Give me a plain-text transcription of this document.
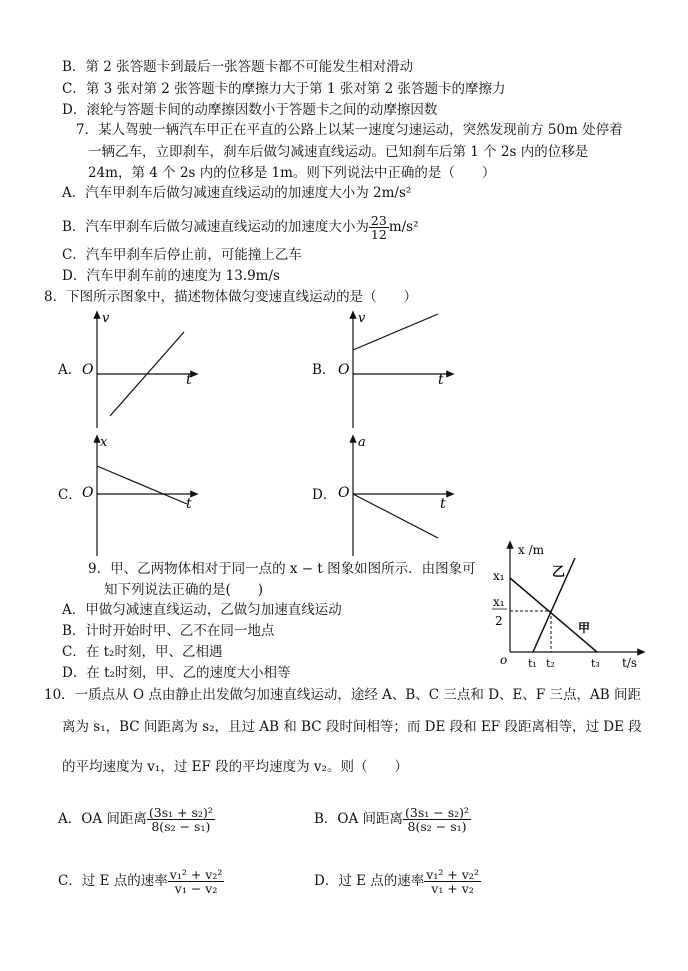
B．第 2 张答题卡到最后一张答题卡都不可能发生相对滑动
C．第 3 张对第 2 张答题卡的摩擦力大于第 1 张对第 2 张答题卡的摩擦力
D．滚轮与答题卡间的动摩擦因数小于答题卡之间的动摩擦因数
7．某人驾驶一辆汽车甲正在平直的公路上以某一速度匀速运动，突然发现前方 50m 处停着
一辆乙车，立即刹车，刹车后做匀减速直线运动。已知刹车后第 1 个 2s 内的位移是
24m，第 4 个 2s 内的位移是 1m。则下列说法中正确的是（　　）
A．汽车甲刹车后做匀减速直线运动的加速度大小为 2m/s²
B．汽车甲刹车后做匀减速直线运动的加速度大小为 $\frac{23}{12} m/s^2$
C．汽车甲刹车后停止前，可能撞上乙车
D．汽车甲刹车前的速度为 13.9m/s
8．下图所示图象中，描述物体做匀变速直线运动的是（　　）
A．
v
O
t
B．
v
O
t
C．
x
O
t
D．
a
O
t
9．甲、乙两物体相对于同一点的 x − t 图象如图所示．由图象可
知下列说法正确的是(　　)
A．甲做匀减速直线运动，乙做匀加速直线运动
B．计时开始时甲、乙不在同一地点
C．在 t₂时刻，甲、乙相遇
D．在 t₂时刻，甲、乙的速度大小相等
x /m
x₁
x₁
2
o t₁ t₂	t₃ t/s
乙
甲
10．一质点从 O 点由静止出发做匀加速直线运动，途经 A、B、C 三点和 D、E、F 三点，AB 间距
离为 s₁，BC 间距离为 s₂，且过 AB 和 BC 段时间相等；而 DE 段和 EF 段距离相等，过 DE 段
的平均速度为 v₁，过 EF 段的平均速度为 v₂。则（　　）
A．OA 间距离 $\frac{\text{(3s₁ + s₂)²}}{\text{8(s₂ − s₁)}}$	B．OA 间距离 $\frac{\text{(3s₁ − s₂)²}}{\text{8(s₂ − s₁)}}$
C．过 E 点的速率 $\frac{\text{v₁² + v₂²}}{\text{v₁ − v₂}}$	D．过 E 点的速率 $\frac{\text{v₁² + v₂²}}{\text{v₁ + v₂}}$
